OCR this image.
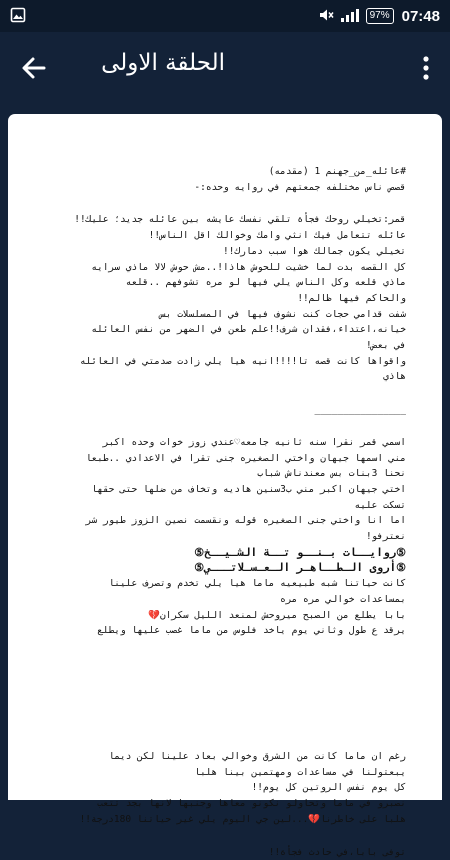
97% 07:48
الحلقة الاولى

#عائله_من_جهنم 1 (مقدمه)

قصص ناس مختلفه جمعتهم في روايه وحده:-

قمر:تخيلي روحك فجأة تلقي نفسك عايشه بين عائله جديد؛ عليك!!

عائله تتعامل فيك انثي وامك وخوالك اقل الناس!!

تخيلي يكون جمالك هوا سبب دمارك!!

كل القصه بدت لما خشيت للحوش هاذا!..مش حوش لالا ماذي سرايه

ماذي قلعه وكل الناس يلي فيها لو مره تشوفهم ..قلعه

والحاكم فيها ظالم!!

شفت قدامي حجات كنت نشوف فيها في المسلسلات بس

خيانه،اعتداء،فقدان شرف!!علم طعن في الضهر من نفس العائله

في بعض!

واقواها كانت قصه تا!!!!انيه هيا يلي زادت صدمتي في العائله

هاذي

________________

اسمي قمر نقرا سنه ثانيه جامعه♡عندي زوز خوات وحده اكبر

مني اسمها جيهان واختي الصغيره جنى تقرا في الاعدادي ..طبعا

نحنا 3بنات بس معندناش شباب

اختي جيهان اكبر مني ب3سنين هاديه وتخاف من ضلها حتى حقها

تسكت عليه

اما انا واختي جنى الصغيره قوله ونقسمت نصين الزوز طيور شر

نعترفو!

⑤روايــات بـنــو تــة الشـيــخ⑤

⑤أروى الـطــاهـر الـعـسـلاتـــي⑤

كانت حياتنا شبه طبيعيه ماما هيا يلي تخدم وتصرف علينا

بمساعدات خوالي مره مره

بابا يطلع من الصبح ميروحش لمنعد الليل سكران💔

يرقد ع طول وثاني يوم ياخد فلوس من ماما غصب عليها ويطلع

رغم ان ماما كانت من الشرق وخوالي بعاد علينا لكن ديما

يبعتولنا في مساعدات ومهتمين بينا هلبا

كل يوم نفس الروتين كل يوم!!

نصبرو في ماما وتحاولو نكونو معاها وجنبها لانها بجد تتعب

هلبا على خاطرنا💔...لين جي اليوم يلي غير حياتنا 180درجة!!

توفى بابا،في حادث فجأة!!
